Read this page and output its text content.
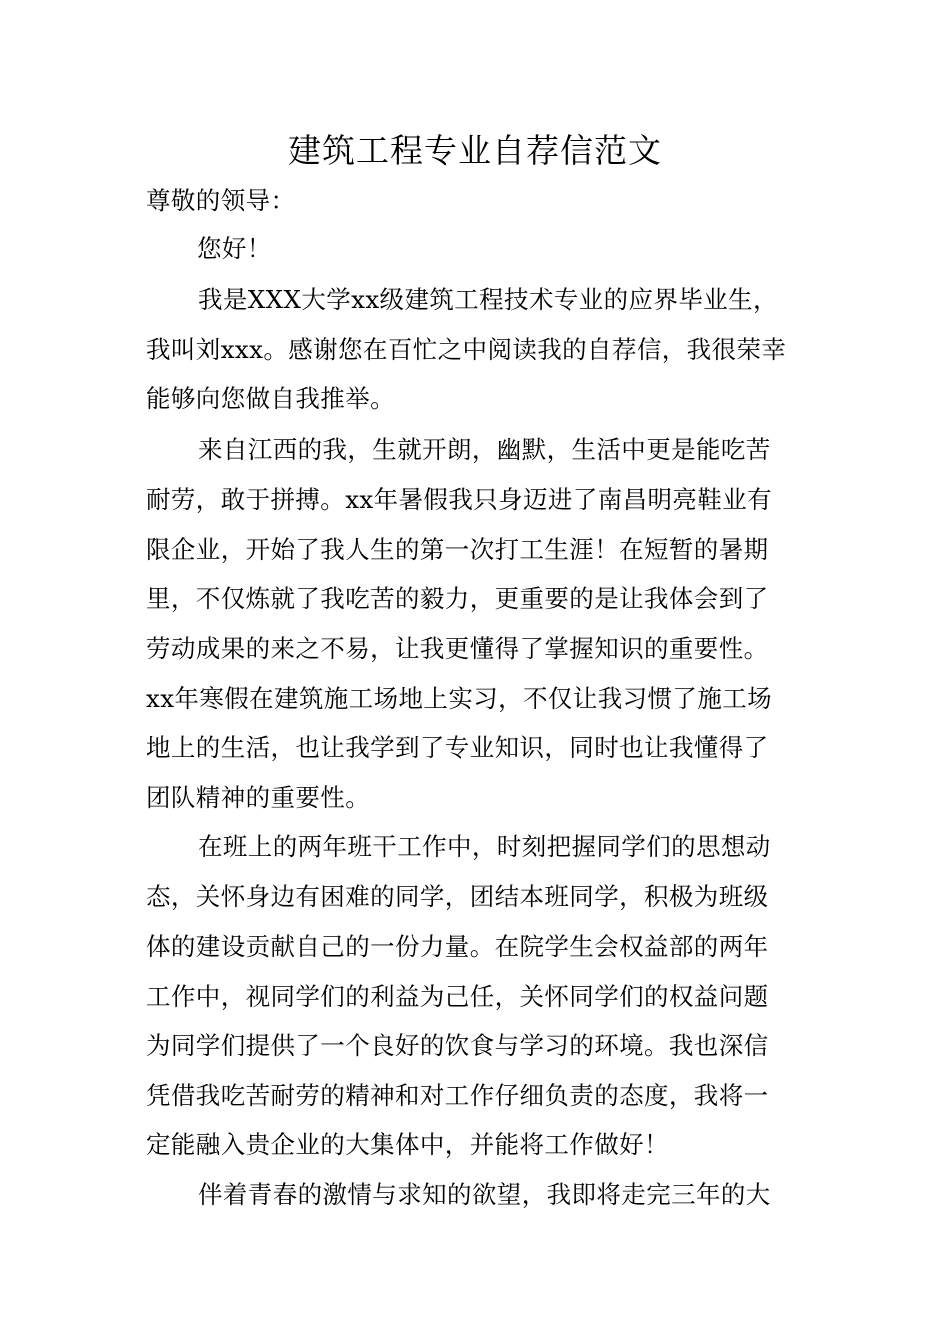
建筑工程专业自荐信范文
尊敬的领导：
您好！
我是XXX大学xx级建筑工程技术专业的应界毕业生，
我叫刘xxx。感谢您在百忙之中阅读我的自荐信，我很荣幸
能够向您做自我推举。
来自江西的我，生就开朗，幽默，生活中更是能吃苦
耐劳，敢于拼搏。xx年暑假我只身迈进了南昌明亮鞋业有
限企业，开始了我人生的第一次打工生涯！在短暂的暑期
里，不仅炼就了我吃苦的毅力，更重要的是让我体会到了
劳动成果的来之不易，让我更懂得了掌握知识的重要性。
xx年寒假在建筑施工场地上实习，不仅让我习惯了施工场
地上的生活，也让我学到了专业知识，同时也让我懂得了
团队精神的重要性。
在班上的两年班干工作中，时刻把握同学们的思想动
态，关怀身边有困难的同学，团结本班同学，积极为班级
体的建设贡献自己的一份力量。在院学生会权益部的两年
工作中，视同学们的利益为己任，关怀同学们的权益问题
为同学们提供了一个良好的饮食与学习的环境。我也深信
凭借我吃苦耐劳的精神和对工作仔细负责的态度，我将一
定能融入贵企业的大集体中，并能将工作做好！
伴着青春的激情与求知的欲望，我即将走完三年的大
